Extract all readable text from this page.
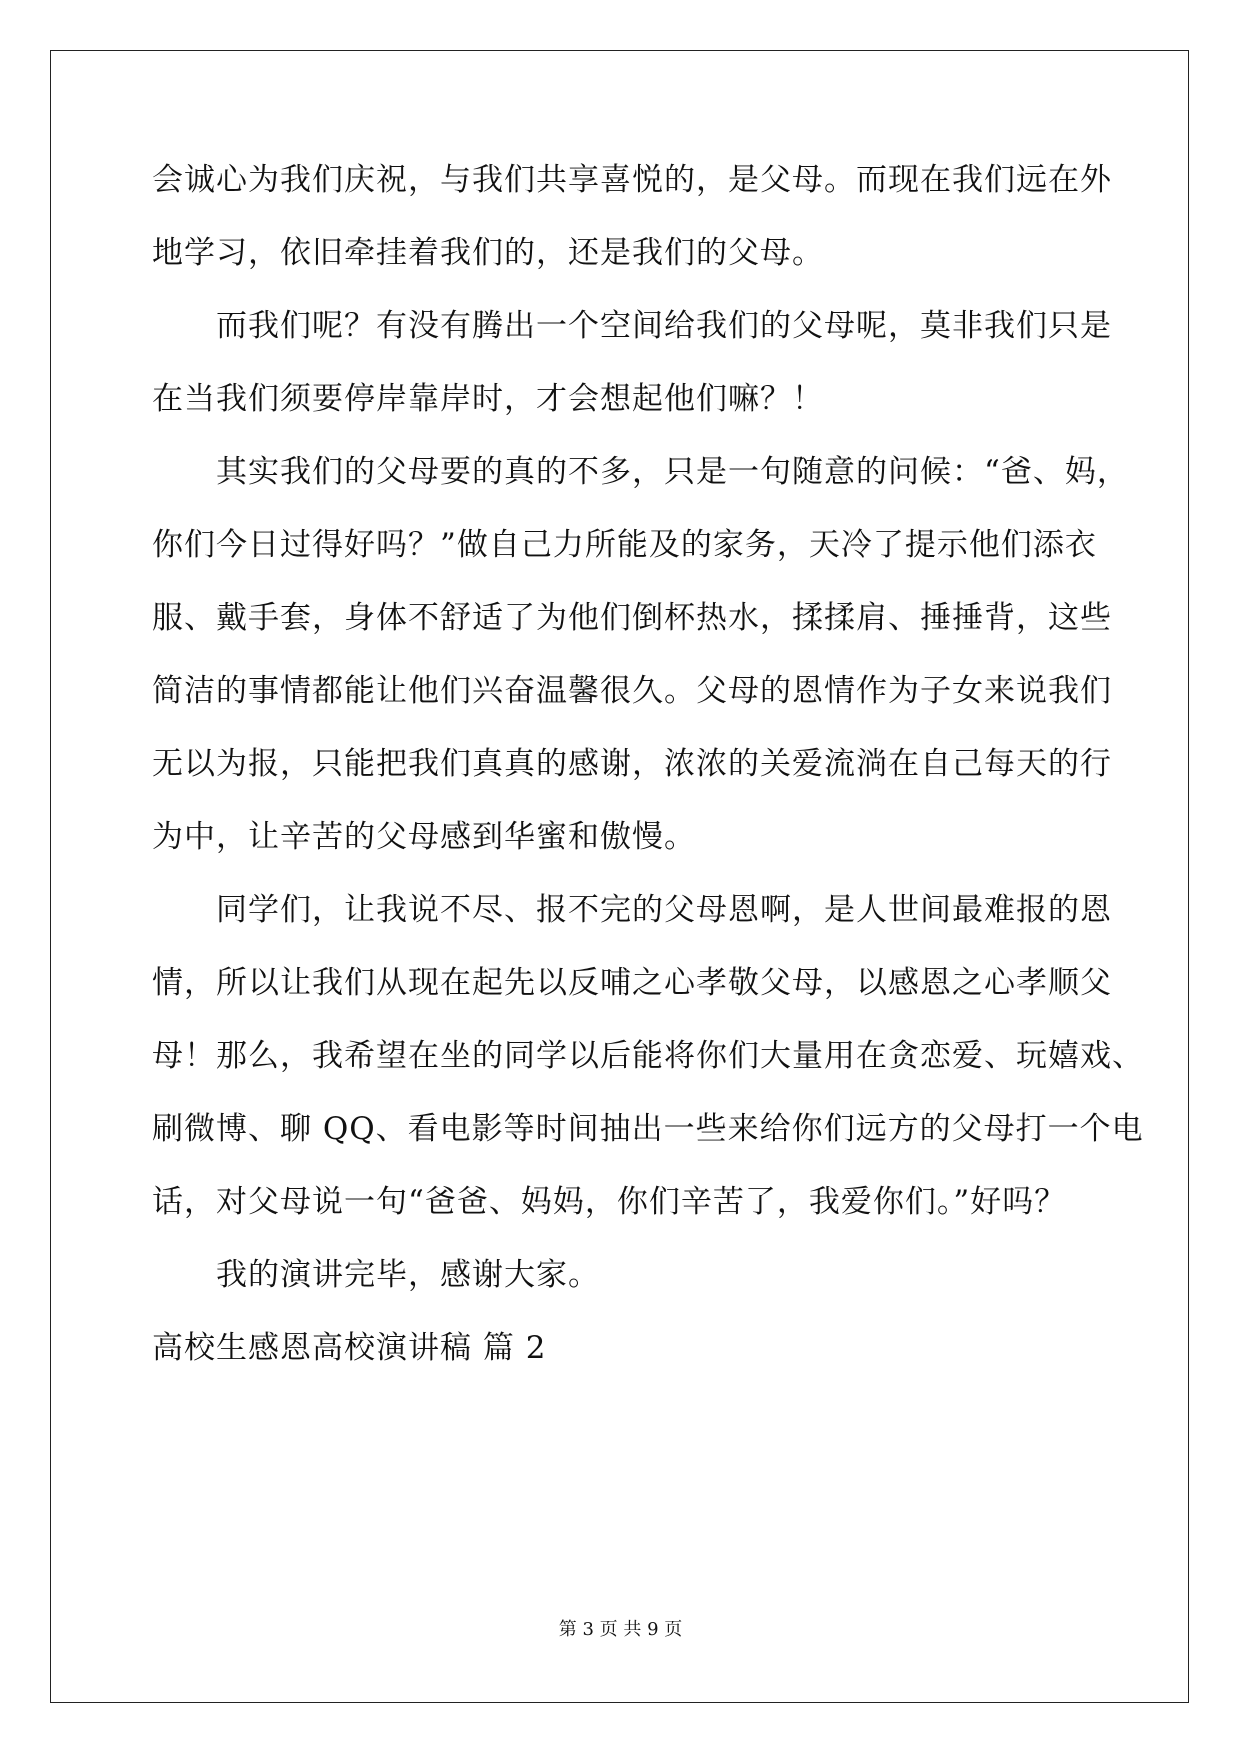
会诚心为我们庆祝，与我们共享喜悦的，是父母。而现在我们远在外
地学习，依旧牵挂着我们的，还是我们的父母。
而我们呢？有没有腾出一个空间给我们的父母呢，莫非我们只是
在当我们须要停岸靠岸时，才会想起他们嘛？！
其实我们的父母要的真的不多，只是一句随意的问候：“爸、妈，
你们今日过得好吗？”做自己力所能及的家务，天冷了提示他们添衣
服、戴手套，身体不舒适了为他们倒杯热水，揉揉肩、捶捶背，这些
简洁的事情都能让他们兴奋温馨很久。父母的恩情作为子女来说我们
无以为报，只能把我们真真的感谢，浓浓的关爱流淌在自己每天的行
为中，让辛苦的父母感到华蜜和傲慢。
同学们，让我说不尽、报不完的父母恩啊，是人世间最难报的恩
情，所以让我们从现在起先以反哺之心孝敬父母，以感恩之心孝顺父
母！那么，我希望在坐的同学以后能将你们大量用在贪恋爱、玩嬉戏、
刷微博、聊 QQ、看电影等时间抽出一些来给你们远方的父母打一个电
话，对父母说一句“爸爸、妈妈，你们辛苦了，我爱你们。”好吗？
我的演讲完毕，感谢大家。
高校生感恩高校演讲稿 篇 2
第 3 页 共 9 页
